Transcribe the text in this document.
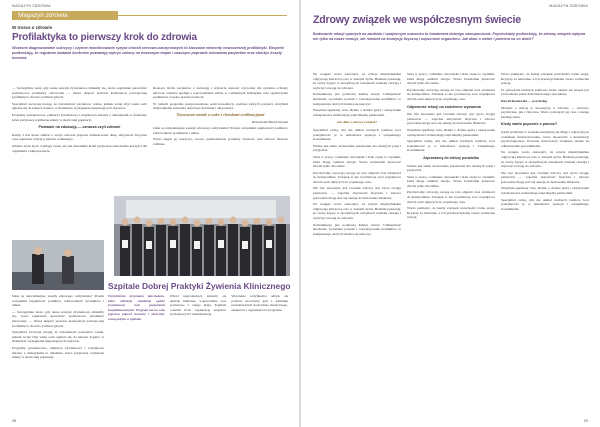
MAGAZYN ZDROWIA
Magazyn zdrowia
W trosce o zdrowie
Profilaktyka to pierwszy krok do zdrowia
Wczesne diagnozowanie cukrzycy i czynne monitorowanie ryzyka chorób sercowo-naczyniowych to kluczowe elementy nowoczesnej profilaktyki. Eksperci podkreślają, że regularne badania kontrolne pozwalają wykryć zmiany na wczesnym etapie i znacząco poprawić rokowania pacjentów oraz obniżyć koszty leczenia.

— Szczególnie teraz, gdy nasze nawyki żywieniowe zmieniły się, warto regularnie sprawdzać podstawowe parametry zdrowotne — mówi ekspert podczas konferencji poświęconej profilaktyce chorób cywilizacyjnych.

Specjaliści zwracają uwagę, że świadomość pacjentów rośnie, jednak wciąż zbyt wiele osób zgłasza się do lekarza dopiero w momencie wystąpienia niepokojących objawów.

Programy przesiewowe, edukacja żywieniowa i współpraca lekarzy z dietetykami to działania, które przynoszą wymierne efekty w skali całej populacji.

Postawić na edukację — oznacza czyli zdrowie

Każdy z nas może zadbać o swoje zdrowie poprzez zbilansowaną dietę, aktywność fizyczną oraz regularne wizyty u lekarza rodzinnego.

Zmiana stylu życia wymaga czasu, ale już niewielkie kroki przynoszą zauważalne korzyści dla organizmu i samopoczucia.

Rosnąca liczba pacjentów z nadwagą i otyłością stanowi wyzwanie dla systemu ochrony zdrowia. Lekarze apelują o wprowadzenie zmian w codziennym jadłospisie oraz ograniczenie produktów wysoko przetworzonych.

W ramach programu przeprowadzono setki konsultacji, podczas których pacjenci otrzymali indywidualne zalecenia dotyczące żywienia i aktywności.

Nowoczesne metody w walce z chorobami cywilizacyjnymi

Rozmawiał Marek Nowak

Jakie są najważniejsze zasady zdrowego odżywiania? Przede wszystkim regularność posiłków, różnorodność produktów i umiar.

Warto sięgać po warzywa, owoce, pełnoziarniste produkty zbożowe oraz zdrowe tłuszcze roślinne.

Jakie są najważniejsze zasady zdrowego odżywiania? Przede wszystkim regularność posiłków, różnorodność produktów i umiar.

— Szczególnie teraz, gdy nasze nawyki żywieniowe zmieniły się, warto regularnie sprawdzać podstawowe parametry zdrowotne — mówi ekspert podczas konferencji poświęconej profilaktyce chorób cywilizacyjnych.

Specjaliści zwracają uwagę, że świadomość pacjentów rośnie, jednak wciąż zbyt wiele osób zgłasza się do lekarza dopiero w momencie wystąpienia niepokojących objawów.

Programy przesiewowe, edukacja żywieniowa i współpraca lekarzy z dietetykami to działania, które przynoszą wymierne efekty w skali całej populacji.

Szpitale Dobrej Praktyki Żywienia Klinicznego
Wyróżnienia przyznano placówkom, które wdrożyły standardy opieki żywieniowej nad pacjentami hospitalizowanymi. Program ma na celu poprawę jakości leczenia i skrócenie czasu pobytu w szpitalu.
Wśród nagrodzonych znalazły się szpitale kliniczne, wojewódzkie oraz powiatowe z całego kraju. Kapituła oceniała m.in. organizację zespołów żywieniowych i dokumentację.
Wręczenie certyfikatów odbyło się podczas uroczystej gali z udziałem przedstawicieli środowiska medycznego, ekspertów i organizatorów programu.
28
MAGAZYN ZDROWIA
Zdrowy związek we współczesnym świecie
Budowanie relacji opartych na zaufaniu i wzajemnym szacunku to fundament dobrego samopoczucia. Psycholodzy podkreślają, że zdrowy związek wpływa nie tylko na nasze emocje, ale również na kondycję fizyczną i odporność organizmu. Jak dbać o siebie i partnera na co dzień?

Na wstępie warto zauważyć, że relacje międzyludzkie odgrywają kluczową rolę w naszym życiu. Badania pokazują, że osoby żyjące w szczęśliwych związkach rzadziej chorują i szybciej wracają do zdrowia.

Komunikacja jest podstawą każdej relacji. Umiejętność słuchania, wyrażania potrzeb i rozwiązywania konfliktów to kompetencje, których można się nauczyć.

Wspólnie spędzany czas, dbanie o drobne gesty i okazywanie wdzięczności wzmacniają więź między partnerami.

Jak dbać o zdrowy związek?

Specjaliści radzą, aby nie unikać trudnych rozmów, lecz podejmować je w atmosferze spokoju i wzajemnego zrozumienia.

Ważne jest także zachowanie przestrzeni dla własnych pasji i przyjaciół.

Stres w pracy, codzienne obowiązki i brak czasu to czynniki, które mogą osłabiać relacje. Warto świadomie planować chwile tylko dla siebie.

Psycholodzy zwracają uwagę na rolę empatii oraz zdolności do kompromisu. Związek to nie rywalizacja, lecz współpraca dwóch osób dążących do wspólnego celu.

Nie bez znaczenia jest również zdrowy styl życia obojga partnerów — wspólna aktywność fizyczna i zdrowe gotowanie mogą stać się okazją do budowania bliskości.

Na wstępie warto zauważyć, że relacje międzyludzkie odgrywają kluczową rolę w naszym życiu. Badania pokazują, że osoby żyjące w szczęśliwych związkach rzadziej chorują i szybciej wracają do zdrowia.

Komunikacja jest podstawą każdej relacji. Umiejętność słuchania, wyrażania potrzeb i rozwiązywania konfliktów to kompetencje, których można się nauczyć.

Stres w pracy, codzienne obowiązki i brak czasu to czynniki, które mogą osłabiać relacje. Warto świadomie planować chwile tylko dla siebie.

Psycholodzy zwracają uwagę na rolę empatii oraz zdolności do kompromisu. Związek to nie rywalizacja, lecz współpraca dwóch osób dążących do wspólnego celu.

Odporność relacji na codzienne wyzwania

Nie bez znaczenia jest również zdrowy styl życia obojga partnerów — wspólna aktywność fizyczna i zdrowe gotowanie mogą stać się okazją do budowania bliskości.

Wspólnie spędzany czas, dbanie o drobne gesty i okazywanie wdzięczności wzmacniają więź między partnerami.

Specjaliści radzą, aby nie unikać trudnych rozmów, lecz podejmować je w atmosferze spokoju i wzajemnego zrozumienia.

Zapraszamy do lektury poradnika

Ważne jest także zachowanie przestrzeni dla własnych pasji i przyjaciół.

Stres w pracy, codzienne obowiązki i brak czasu to czynniki, które mogą osłabiać relacje. Warto świadomie planować chwile tylko dla siebie.

Psycholodzy zwracają uwagę na rolę empatii oraz zdolności do kompromisu. Związek to nie rywalizacja, lecz współpraca dwóch osób dążących do wspólnego celu.

Warto pamiętać, że każdy związek przechodzi różne etapy. Kryzysy są naturalne, a ich przezwyciężenie często wzmacnia relację.

Warto pamiętać, że każdy związek przechodzi różne etapy. Kryzysy są naturalne, a ich przezwyciężenie często wzmacnia relację.

W sytuacjach trudnych pomocna może okazać się terapia par prowadzona przez doświadczonego specjalistę.

Dawid Kozłowski — psycholog

Dbałość o relacje to inwestycja w zdrowie — zarówno psychiczne, jak i fizyczne. Warto poświęcić jej czas i uwagę każdego dnia.

Kiedy warto poprosić o pomoc?

Jeżeli problemy w związku utrzymują się długo i wpływają na codzienne funkcjonowanie, warto skorzystać z konsultacji psychologicznej. Wczesna interwencja zwiększa szanse na odbudowanie porozumienia.

Na wstępie warto zauważyć, że relacje międzyludzkie odgrywają kluczową rolę w naszym życiu. Badania pokazują, że osoby żyjące w szczęśliwych związkach rzadziej chorują i szybciej wracają do zdrowia.

Nie bez znaczenia jest również zdrowy styl życia obojga partnerów — wspólna aktywność fizyczna i zdrowe gotowanie mogą stać się okazją do budowania bliskości.

Wspólnie spędzany czas, dbanie o drobne gesty i okazywanie wdzięczności wzmacniają więź między partnerami.

Specjaliści radzą, aby nie unikać trudnych rozmów, lecz podejmować je w atmosferze spokoju i wzajemnego zrozumienia.

29
